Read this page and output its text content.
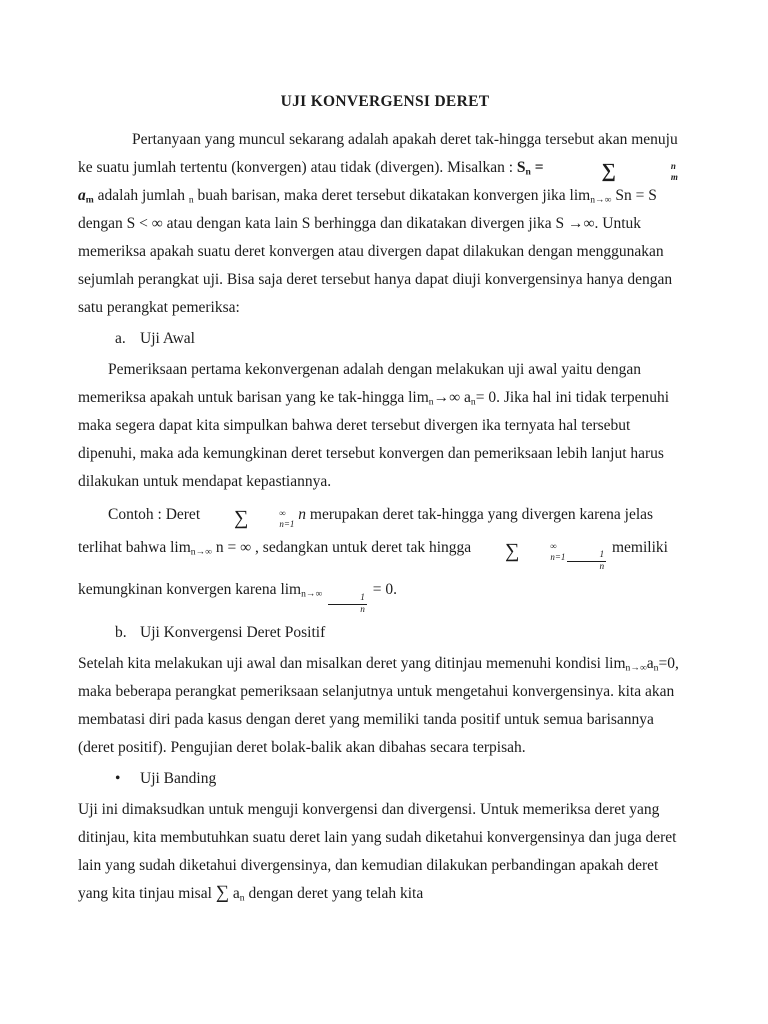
UJI KONVERGENSI DERET

Pertanyaan yang muncul sekarang adalah apakah deret tak-hingga tersebut akan menuju ke suatu jumlah tertentu (konvergen) atau tidak (divergen). Misalkan : $S_n$ =	∑	n
m
$a_m$ adalah jumlah $_n$ buah barisan, maka deret tersebut dikatakan konvergen jika $\lim_{n\to\infty} Sn = S$ dengan S < ∞ atau dengan kata lain S berhingga dan dikatakan divergen jika S →∞. Untuk memeriksa apakah suatu deret konvergen atau divergen dapat dilakukan dengan menggunakan sejumlah perangkat uji. Bisa saja deret tersebut hanya dapat diuji konvergensinya hanya dengan satu perangkat pemeriksa:

a. Uji Awal

Pemeriksaan pertama kekonvergenan adalah dengan melakukan uji awal yaitu dengan memeriksa apakah untuk barisan yang ke tak-hingga $\lim_n\to\infty$ $a_n= 0$. Jika hal ini tidak terpenuhi maka segera dapat kita simpulkan bahwa deret tersebut divergen ika ternyata hal tersebut dipenuhi, maka ada kemungkinan deret tersebut konvergen dan pemeriksaan lebih lanjut harus dilakukan untuk mendapat kepastiannya.

Contoh : Deret	∑	∞
n=1
n merupakan deret tak-hingga yang divergen karena jelas terlihat bahwa $\lim_{n\to\infty} n$ = ∞ , sedangkan untuk deret tak hingga	∑	∞
$n=1 \frac{1}{n}$
memiliki kemungkinan konvergen karena $\lim_{n\to\infty} \frac{1}{n}$
= 0.

b. Uji Konvergensi Deret Positif

Setelah kita melakukan uji awal dan misalkan deret yang ditinjau memenuhi kondisi $\lim_{n\to\infty}a_n=0$, maka beberapa perangkat pemeriksaan selanjutnya untuk mengetahui konvergensinya. kita akan membatasi diri pada kasus dengan deret yang memiliki tanda positif untuk semua barisannya (deret positif). Pengujian deret bolak-balik akan dibahas secara terpisah.

•	Uji Banding

Uji ini dimaksudkan untuk menguji konvergensi dan divergensi. Untuk memeriksa deret yang ditinjau, kita membutuhkan suatu deret lain yang sudah diketahui konvergensinya dan juga deret lain yang sudah diketahui divergensinya, dan kemudian dilakukan perbandingan apakah deret yang kita tinjau misal ∑ $a_n$ dengan deret yang telah kita
